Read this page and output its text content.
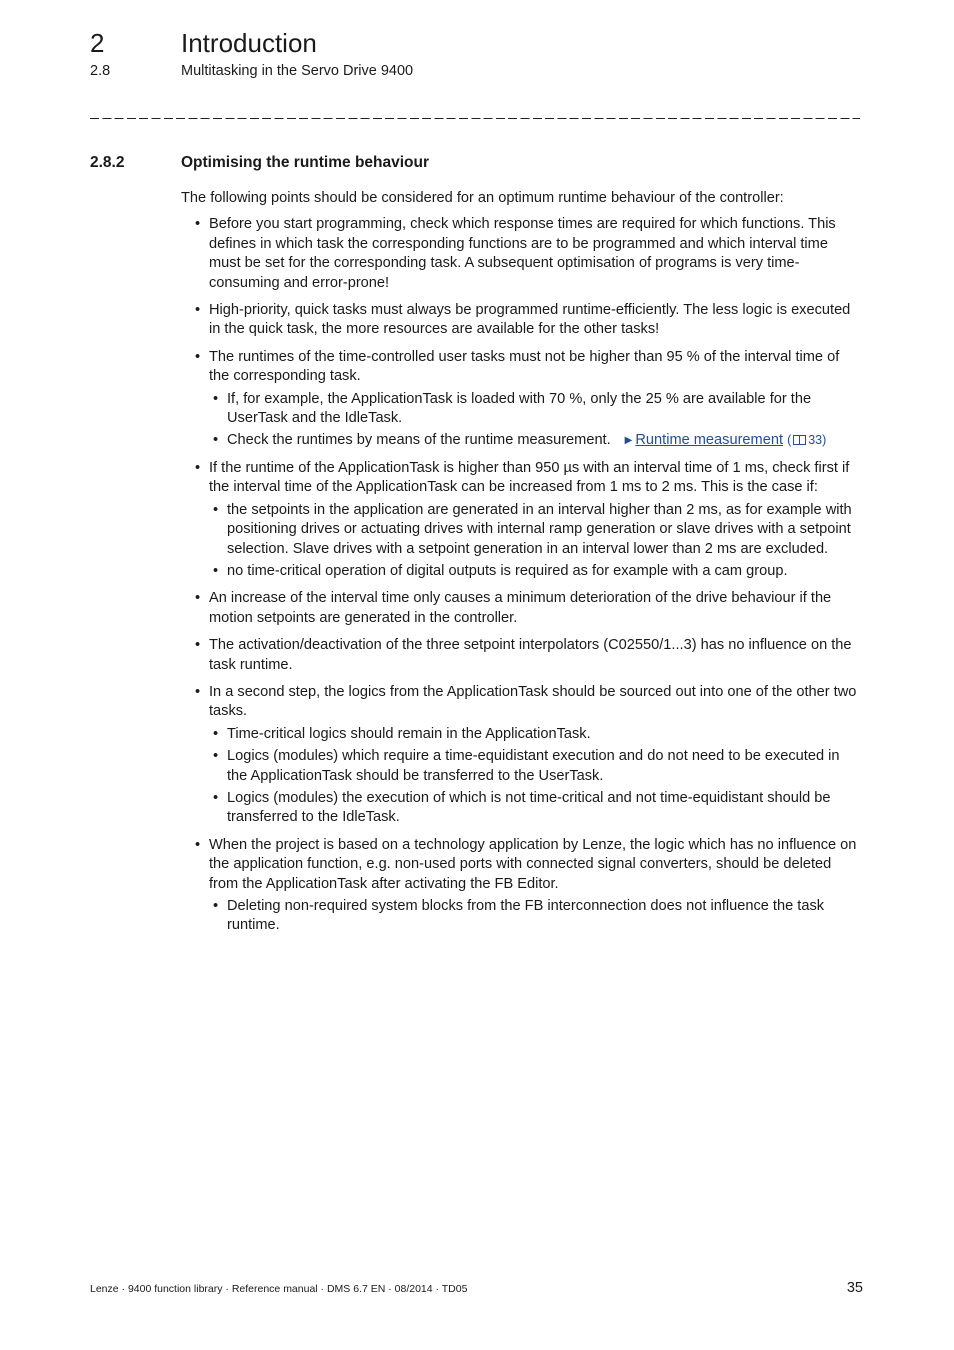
2	Introduction
2.8	Multitasking in the Servo Drive 9400
2.8.2	Optimising the runtime behaviour

The following points should be considered for an optimum runtime behaviour of the controller:

• Before you start programming, check which response times are required for which functions. This defines in which task the corresponding functions are to be programmed and which interval time must be set for the corresponding task. A subsequent optimisation of programs is very time-consuming and error-prone!
• High-priority, quick tasks must always be programmed runtime-efficiently. The less logic is executed in the quick task, the more resources are available for the other tasks!
• The runtimes of the time-controlled user tasks must not be higher than 95 % of the interval time of the corresponding task.
• If, for example, the ApplicationTask is loaded with 70 %, only the 25 % are available for the UserTask and the IdleTask.
• Check the runtimes by means of the runtime measurement. ▶ Runtime measurement ( 33)
• If the runtime of the ApplicationTask is higher than 950 µs with an interval time of 1 ms, check first if the interval time of the ApplicationTask can be increased from 1 ms to 2 ms. This is the case if:
• the setpoints in the application are generated in an interval higher than 2 ms, as for example with positioning drives or actuating drives with internal ramp generation or slave drives with a setpoint selection. Slave drives with a setpoint generation in an interval lower than 2 ms are excluded.
• no time-critical operation of digital outputs is required as for example with a cam group.
• An increase of the interval time only causes a minimum deterioration of the drive behaviour if the motion setpoints are generated in the controller.
• The activation/deactivation of the three setpoint interpolators (C02550/1...3) has no influence on the task runtime.
• In a second step, the logics from the ApplicationTask should be sourced out into one of the other two tasks.
• Time-critical logics should remain in the ApplicationTask.
• Logics (modules) which require a time-equidistant execution and do not need to be executed in the ApplicationTask should be transferred to the UserTask.
• Logics (modules) the execution of which is not time-critical and not time-equidistant should be transferred to the IdleTask.
• When the project is based on a technology application by Lenze, the logic which has no influence on the application function, e.g. non-used ports with connected signal converters, should be deleted from the ApplicationTask after activating the FB Editor.
• Deleting non-required system blocks from the FB interconnection does not influence the task runtime.
Lenze · 9400 function library · Reference manual · DMS 6.7 EN · 08/2014 · TD05	35
